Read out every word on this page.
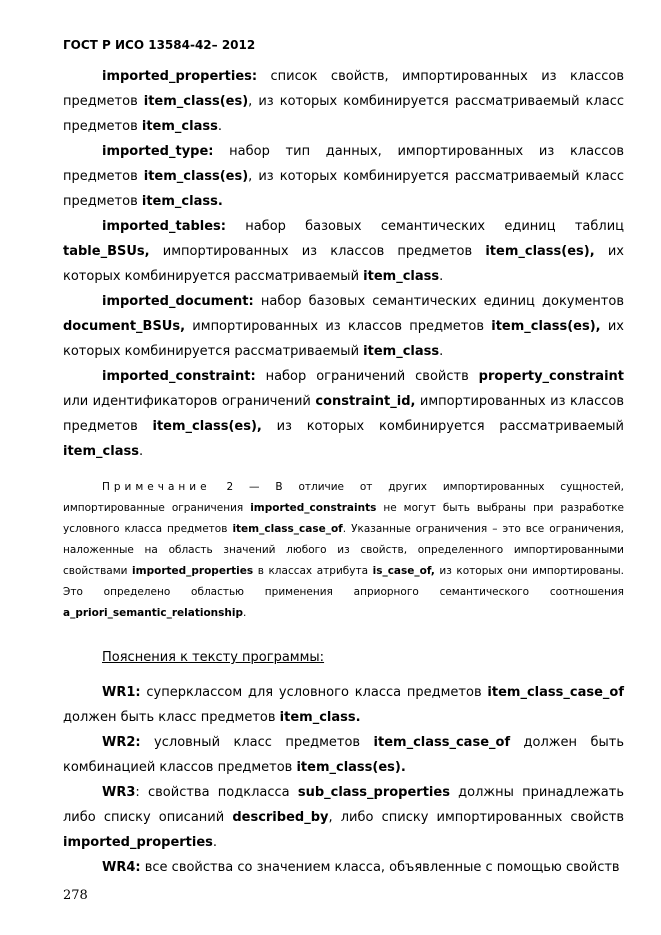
ГОСТ Р ИСО 13584-42– 2012

imported_properties: список свойств, импортированных из классов предметов item_class(es), из которых комбинируется рассматриваемый класс предметов item_class.

imported_type: набор тип данных, импортированных из классов предметов item_class(es), из которых комбинируется рассматриваемый класс предметов item_class.

imported_tables: набор базовых семантических единиц таблиц table_BSUs, импортированных из классов предметов item_class(es), их которых комбинируется рассматриваемый item_class.

imported_document: набор базовых семантических единиц документов document_BSUs, импортированных из классов предметов item_class(es), их которых комбинируется рассматриваемый item_class.

imported_constraint: набор ограничений свойств property_constraint или идентификаторов ограничений constraint_id, импортированных из классов предметов item_class(es), из которых комбинируется рассматриваемый item_class.

Примечание 2 — В отличие от других импортированных сущностей, импортированные ограничения imported_constraints не могут быть выбраны при разработке условного класса предметов item_class_case_of. Указанные ограничения – это все ограничения, наложенные на область значений любого из свойств, определенного импортированными свойствами imported_properties в классах атрибута is_case_of, из которых они импортированы. Это определено областью применения априорного семантического соотношения a_priori_semantic_relationship.

Пояснения к тексту программы:

WR1: суперклассом для условного класса предметов item_class_case_of должен быть класс предметов item_class.

WR2: условный класс предметов item_class_case_of должен быть комбинацией классов предметов item_class(es).

WR3: свойства подкласса sub_class_properties должны принадлежать либо списку описаний described_by, либо списку импортированных свойств imported_properties.

WR4: все свойства со значением класса, объявленные с помощью свойств

278
